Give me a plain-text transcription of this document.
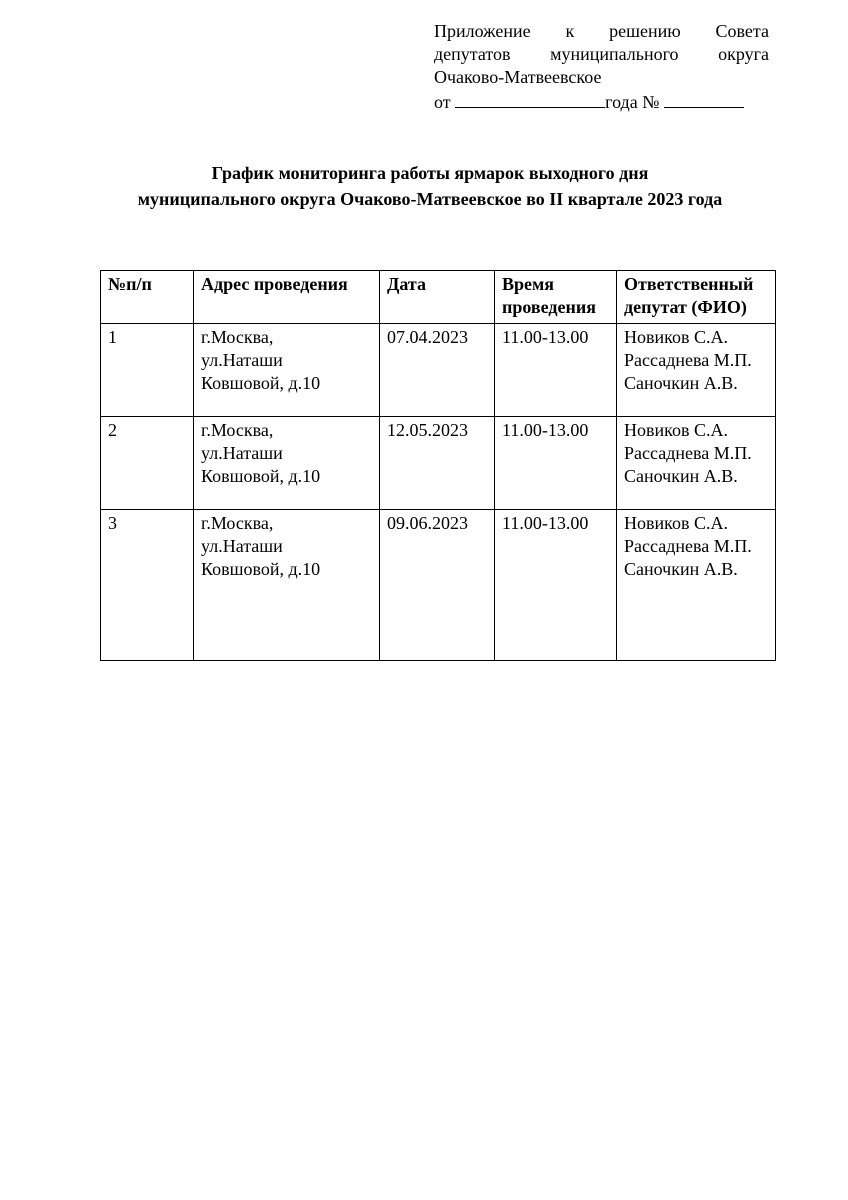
Приложение к решению Совета
депутатов муниципального округа
Очаково-Матвеевское
от	года №
График мониторинга работы ярмарок выходного дня
муниципального округа Очаково-Матвеевское во II квартале 2023 года
№п/п	Адрес проведения	Дата	Время
проведения	Ответственный
депутат (ФИО)

1	г.Москва,
ул.Наташи
Ковшовой, д.10	07.04.2023	11.00-13.00	Новиков С.А.
Рассаднева М.П.
Саночкин А.В.

2	г.Москва,
ул.Наташи
Ковшовой, д.10	12.05.2023	11.00-13.00	Новиков С.А.
Рассаднева М.П.
Саночкин А.В.

3	г.Москва,
ул.Наташи
Ковшовой, д.10	09.06.2023	11.00-13.00	Новиков С.А.
Рассаднева М.П.
Саночкин А.В.
